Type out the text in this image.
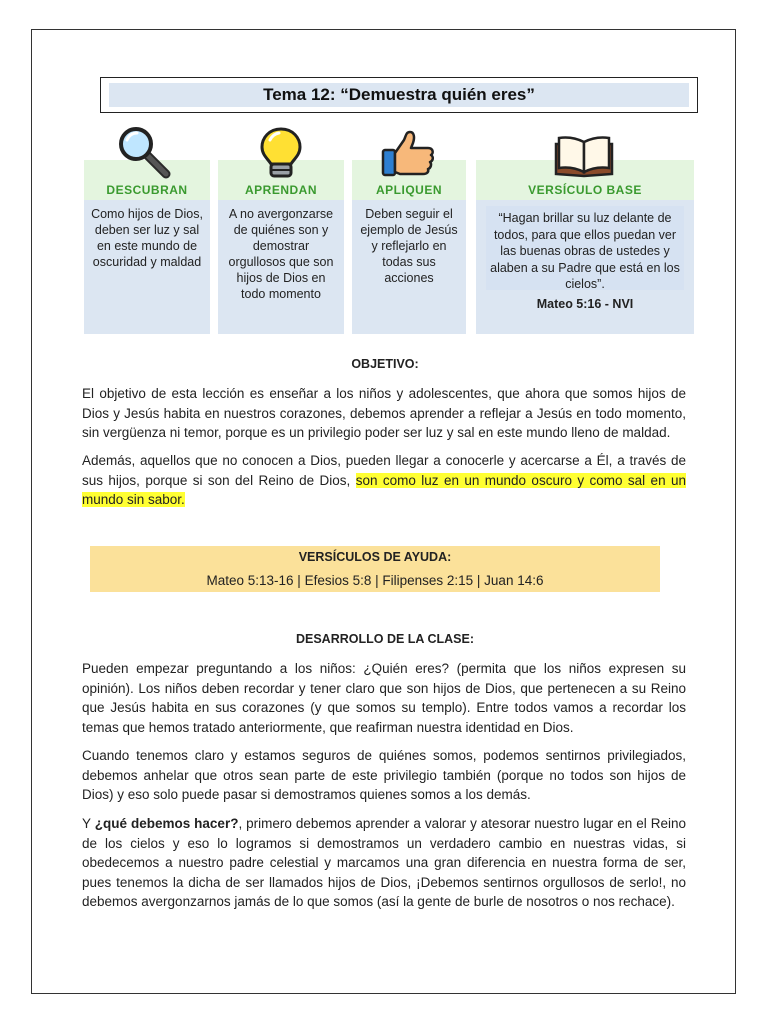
Tema 12: “Demuestra quién eres”
DESCUBRAN
Como hijos de Dios, deben ser luz y sal en este mundo de oscuridad y maldad
APRENDAN
A no avergonzarse de quiénes son y demostrar orgullosos que son hijos de Dios en todo momento
APLIQUEN
Deben seguir el ejemplo de Jesús y reflejarlo en todas sus acciones
VERSÍCULO BASE
“Hagan brillar su luz delante de todos, para que ellos puedan ver las buenas obras de ustedes y alaben a su Padre que está en los cielos”.
Mateo 5:16 - NVI
OBJETIVO:
El objetivo de esta lección es enseñar a los niños y adolescentes, que ahora que somos hijos de Dios y Jesús habita en nuestros corazones, debemos aprender a reflejar a Jesús en todo momento, sin vergüenza ni temor, porque es un privilegio poder ser luz y sal en este mundo lleno de maldad.
Además, aquellos que no conocen a Dios, pueden llegar a conocerle y acercarse a Él, a través de sus hijos, porque si son del Reino de Dios, son como luz en un mundo oscuro y como sal en un mundo sin sabor.
VERSÍCULOS DE AYUDA:
Mateo 5:13-16 | Efesios 5:8 | Filipenses 2:15 | Juan 14:6
DESARROLLO DE LA CLASE:
Pueden empezar preguntando a los niños: ¿Quién eres? (permita que los niños expresen su opinión). Los niños deben recordar y tener claro que son hijos de Dios, que pertenecen a su Reino que Jesús habita en sus corazones (y que somos su templo). Entre todos vamos a recordar los temas que hemos tratado anteriormente, que reafirman nuestra identidad en Dios.
Cuando tenemos claro y estamos seguros de quiénes somos, podemos sentirnos privilegiados, debemos anhelar que otros sean parte de este privilegio también (porque no todos son hijos de Dios) y eso solo puede pasar si demostramos quienes somos a los demás.
Y ¿qué debemos hacer?, primero debemos aprender a valorar y atesorar nuestro lugar en el Reino de los cielos y eso lo logramos si demostramos un verdadero cambio en nuestras vidas, si obedecemos a nuestro padre celestial y marcamos una gran diferencia en nuestra forma de ser, pues tenemos la dicha de ser llamados hijos de Dios, ¡Debemos sentirnos orgullosos de serlo!, no debemos avergonzarnos jamás de lo que somos (así la gente de burle de nosotros o nos rechace).
